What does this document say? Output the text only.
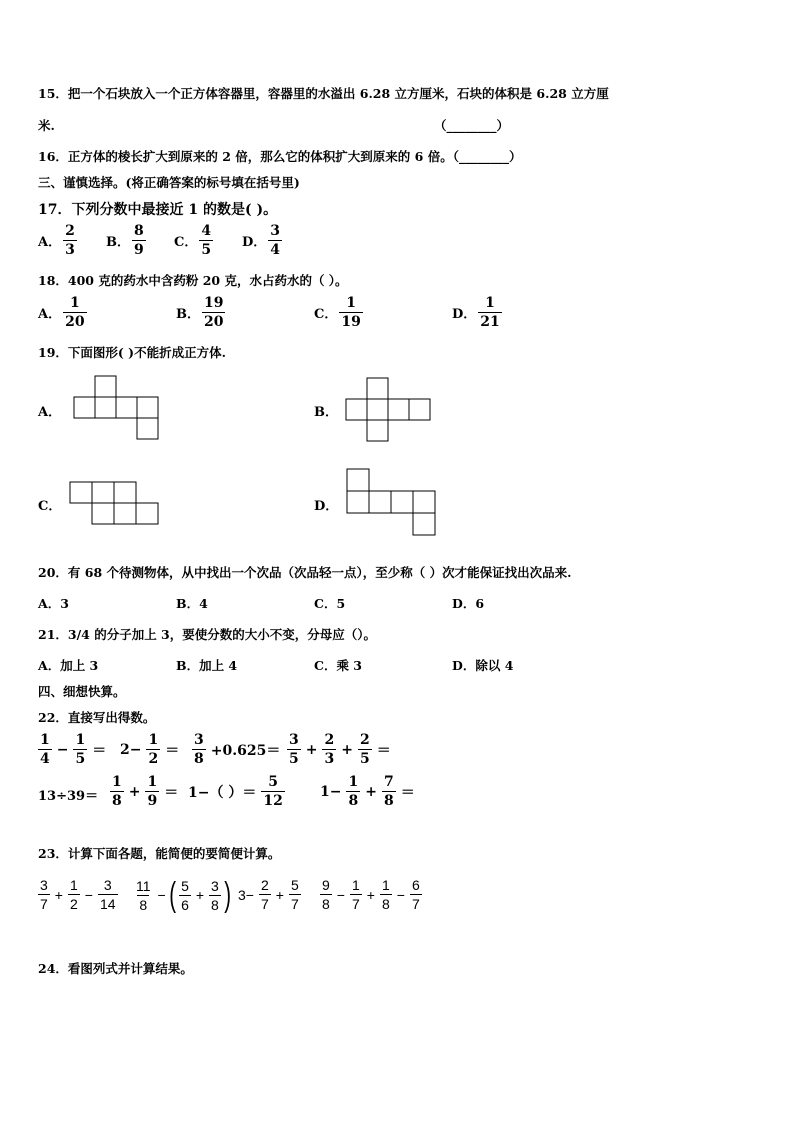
15．把一个石块放入一个正方体容器里，容器里的水溢出 6.28 立方厘米，石块的体积是 6.28 立方厘
米.	（________）
16．正方体的棱长扩大到原来的 2 倍，那么它的体积扩大到原来的 6 倍。（________）
三、谨慎选择。(将正确答案的标号填在括号里)
17．下列分数中最接近 1 的数是( )。
A．
2
3 B．
8
9 C．
4
5 D．
3
4
18．400 克的药水中含药粉 20 克，水占药水的（ ）。
A．
1
20	B．
19
20	C．
1
19	D．
1
21
19．下面图形( )不能折成正方体.
A．	B．
C．	D．
20．有 68 个待测物体，从中找出一个次品（次品轻一点），至少称（ ）次才能保证找出次品来.
A．3	B．4	C．5	D．6
21．3/4 的分子加上 3，要使分数的大小不变，分母应（）。
A．加上 3	B．加上 4	C．乘 3	D．除以 4
四、细想快算。
22．直接写出得数。
1
4
− $\frac{1}{5} = 2- \frac{1}{2}$ ＝
3
8
+0.625＝
3
5
+ $\frac{2}{3} + \frac{2}{5}$ ＝
13÷39＝
1
8
+ $\frac{1}{9} = 1-$（ ）＝
5
12
$1- \frac{1}{8} + \frac{7}{8}$ ＝
23．计算下面各题，能简便的要简便计算。
3
7
+ $\frac{1}{2} - \frac{3}{14} 11$
8
− ( 5
6
+ $\frac{3}{8}$ ) $3- \frac{2}{7} + \frac{5}{7} 9$
8
− $\frac{1}{7} + \frac{1}{8} - \frac{6}{7}$
24．看图列式并计算结果。
